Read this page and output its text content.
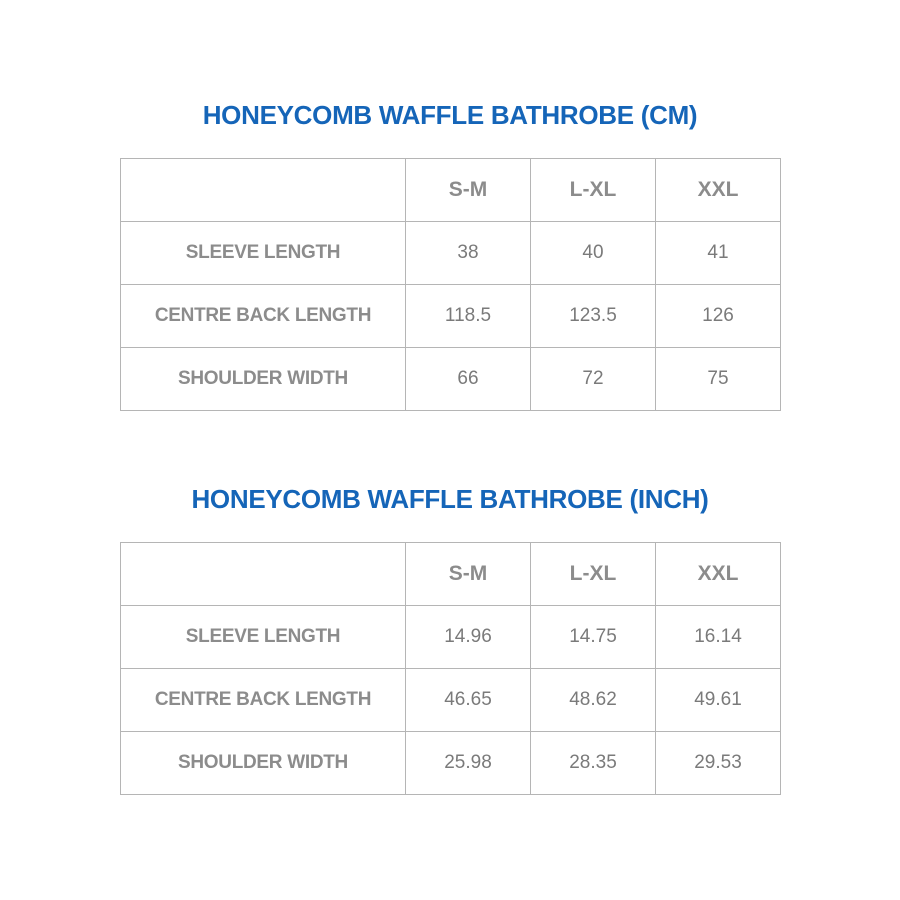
HONEYCOMB WAFFLE BATHROBE (CM)
	S-M	L-XL	XXL
SLEEVE LENGTH	38	40	41
CENTRE BACK LENGTH	118.5	123.5	126
SHOULDER WIDTH	66	72	75
HONEYCOMB WAFFLE BATHROBE (INCH)
	S-M	L-XL	XXL
SLEEVE LENGTH	14.96	14.75	16.14
CENTRE BACK LENGTH	46.65	48.62	49.61
SHOULDER WIDTH	25.98	28.35	29.53
